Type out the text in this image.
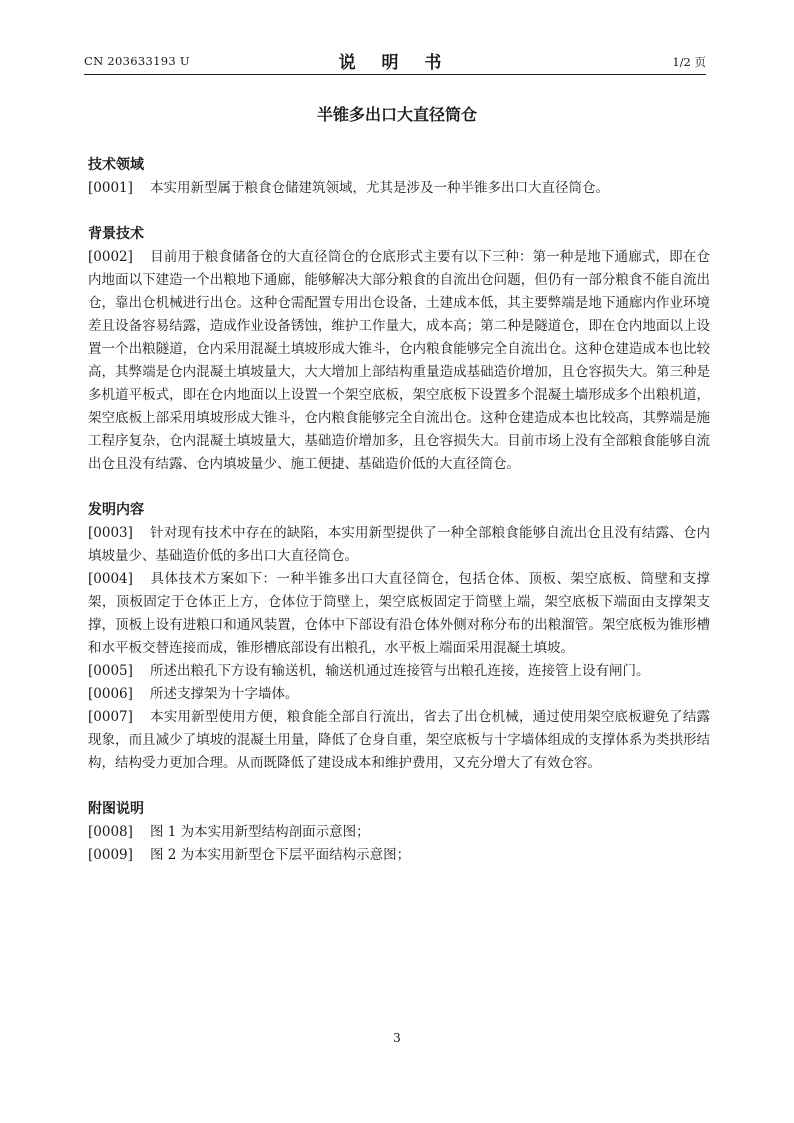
CN 203633193 U	说 明 书	1/2 页
半锥多出口大直径筒仓

技术领域

[0001] 本实用新型属于粮食仓储建筑领域，尤其是涉及一种半锥多出口大直径筒仓。

背景技术

[0002] 目前用于粮食储备仓的大直径筒仓的仓底形式主要有以下三种：第一种是地下通廊式，即在仓内地面以下建造一个出粮地下通廊，能够解决大部分粮食的自流出仓问题，但仍有一部分粮食不能自流出仓，靠出仓机械进行出仓。这种仓需配置专用出仓设备，土建成本低，其主要弊端是地下通廊内作业环境差且设备容易结露，造成作业设备锈蚀，维护工作量大，成本高；第二种是隧道仓，即在仓内地面以上设置一个出粮隧道，仓内采用混凝土填坡形成大锥斗，仓内粮食能够完全自流出仓。这种仓建造成本也比较高，其弊端是仓内混凝土填坡量大，大大增加上部结构重量造成基础造价增加，且仓容损失大。第三种是多机道平板式，即在仓内地面以上设置一个架空底板，架空底板下设置多个混凝土墙形成多个出粮机道，架空底板上部采用填坡形成大锥斗，仓内粮食能够完全自流出仓。这种仓建造成本也比较高，其弊端是施工程序复杂，仓内混凝土填坡量大，基础造价增加多，且仓容损失大。目前市场上没有全部粮食能够自流出仓且没有结露、仓内填坡量少、施工便捷、基础造价低的大直径筒仓。

发明内容

[0003] 针对现有技术中存在的缺陷，本实用新型提供了一种全部粮食能够自流出仓且没有结露、仓内填坡量少、基础造价低的多出口大直径筒仓。

[0004] 具体技术方案如下：一种半锥多出口大直径筒仓，包括仓体、顶板、架空底板、筒壁和支撑架，顶板固定于仓体正上方，仓体位于筒壁上，架空底板固定于筒壁上端，架空底板下端面由支撑架支撑，顶板上设有进粮口和通风装置，仓体中下部设有沿仓体外侧对称分布的出粮溜管。架空底板为锥形槽和水平板交替连接而成，锥形槽底部设有出粮孔，水平板上端面采用混凝土填坡。

[0005] 所述出粮孔下方设有输送机，输送机通过连接管与出粮孔连接，连接管上设有闸门。

[0006] 所述支撑架为十字墙体。

[0007] 本实用新型使用方便，粮食能全部自行流出，省去了出仓机械，通过使用架空底板避免了结露现象，而且减少了填坡的混凝土用量，降低了仓身自重，架空底板与十字墙体组成的支撑体系为类拱形结构，结构受力更加合理。从而既降低了建设成本和维护费用，又充分增大了有效仓容。

附图说明

[0008] 图 1 为本实用新型结构剖面示意图；

[0009] 图 2 为本实用新型仓下层平面结构示意图；

3
